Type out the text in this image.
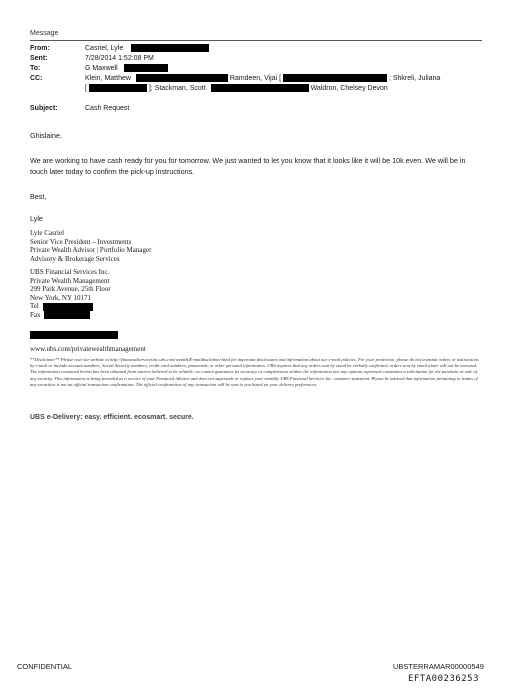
Message
From:	Casriel, Lyle
Sent:	7/28/2014 1:52:08 PM
To:	G Maxwell
CC:	Klein, Matthew	Ramdeen, Vijai [	; Shkreli, Juliana
[	]; Stackman, Scott	Waldron, Chelsey Devon
Subject:	Cash Request
Ghislaine,
We are working to have cash ready for you for tomorrow. We just wanted to let you know that it looks like it will be 10k even. We will be in touch later today to confirm the pick-up instructions.
Best,
Lyle
Lyle Casriel
Senior Vice President – Investments
Private Wealth Advisor | Portfolio Manager
Advisory & Brokerage Services
UBS Financial Services Inc.
Private Wealth Management
299 Park Avenue, 25th Floor
New York, NY 10171
Tel
Fax
www.ubs.com/privatewealthmanagement
**Disclaimer** Please visit our website at http://financialservicesinc.ubs.com/wealth/E-maildisclaimer.html for important disclosures and information about our e-mail policies. For your protection, please do not transmit orders or instructions by e-mail or include account numbers, Social Security numbers, credit card numbers, passwords, or other personal information. UBS requires that any orders sent by email be verbally confirmed, orders sent by email alone will not be executed. The information contained herein has been obtained from sources believed to be reliable, we cannot guarantee its accuracy or completeness neither the information nor any opinion expressed constitutes a solicitation for the purchase or sale of any security. This information is being provided as a service of your Financial Advisor and does not supersede or replace your monthly UBS Financial Services Inc. customer statement. Please be advised that information pertaining to trades of any securities is not an official transaction confirmation. The official confirmation of any transaction will be sent to you based on your delivery preferences.
UBS e-Delivery: easy. efficient. ecosmart. secure.
CONFIDENTIAL	UBSTERRAMAR00000549
EFTA00236253
